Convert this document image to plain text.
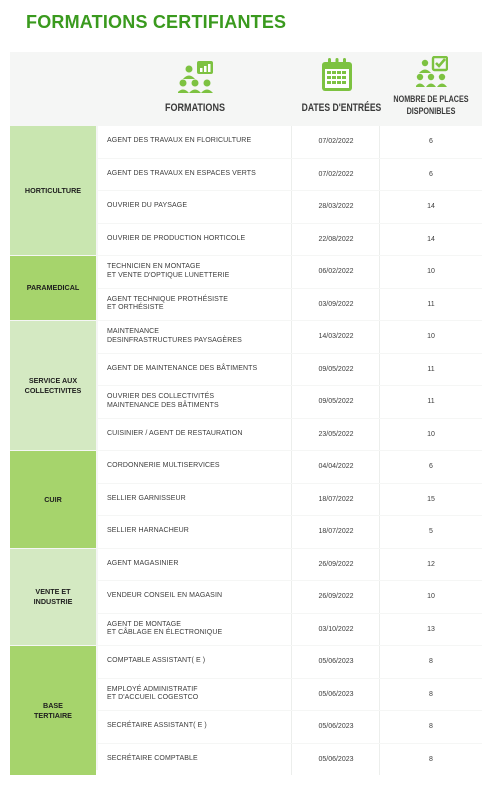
FORMATIONS CERTIFIANTES
FORMATIONS	DATES D'ENTRÉES
NOMBRE DE PLACES
DISPONIBLES
HORTICULTURE
AGENT DES TRAVAUX EN FLORICULTURE	07/02/2022	6
AGENT DES TRAVAUX EN ESPACES VERTS	07/02/2022	6
OUVRIER DU PAYSAGE	28/03/2022	14
OUVRIER DE PRODUCTION HORTICOLE	22/08/2022	14
PARAMEDICAL
TECHNICIEN EN MONTAGE
ET VENTE D'OPTIQUE LUNETTERIE	06/02/2022	10
AGENT TECHNIQUE PROTHÉSISTE
ET ORTHÉSISTE	03/09/2022	11
SERVICE AUX
COLLECTIVITES
MAINTENANCE
DESINFRASTRUCTURES PAYSAGÈRES	14/03/2022	10
AGENT DE MAINTENANCE DES BÂTIMENTS	09/05/2022	11
OUVRIER DES COLLECTIVITÉS
MAINTENANCE DES BÂTIMENTS	09/05/2022	11
CUISINIER / AGENT DE RESTAURATION	23/05/2022	10
CUIR
CORDONNERIE MULTISERVICES	04/04/2022	6
SELLIER GARNISSEUR	18/07/2022	15
SELLIER HARNACHEUR	18/07/2022	5
VENTE ET
INDUSTRIE
AGENT MAGASINIER	26/09/2022	12
VENDEUR CONSEIL EN MAGASIN	26/09/2022	10
AGENT DE MONTAGE
ET CÂBLAGE EN ÉLECTRONIQUE	03/10/2022	13
BASE
TERTIAIRE
COMPTABLE ASSISTANT( E )	05/06/2023	8
EMPLOYÉ ADMINISTRATIF
ET D'ACCUEIL COGESTCO	05/06/2023	8
SECRÉTAIRE ASSISTANT( E )	05/06/2023	8
SECRÉTAIRE COMPTABLE	05/06/2023	8
